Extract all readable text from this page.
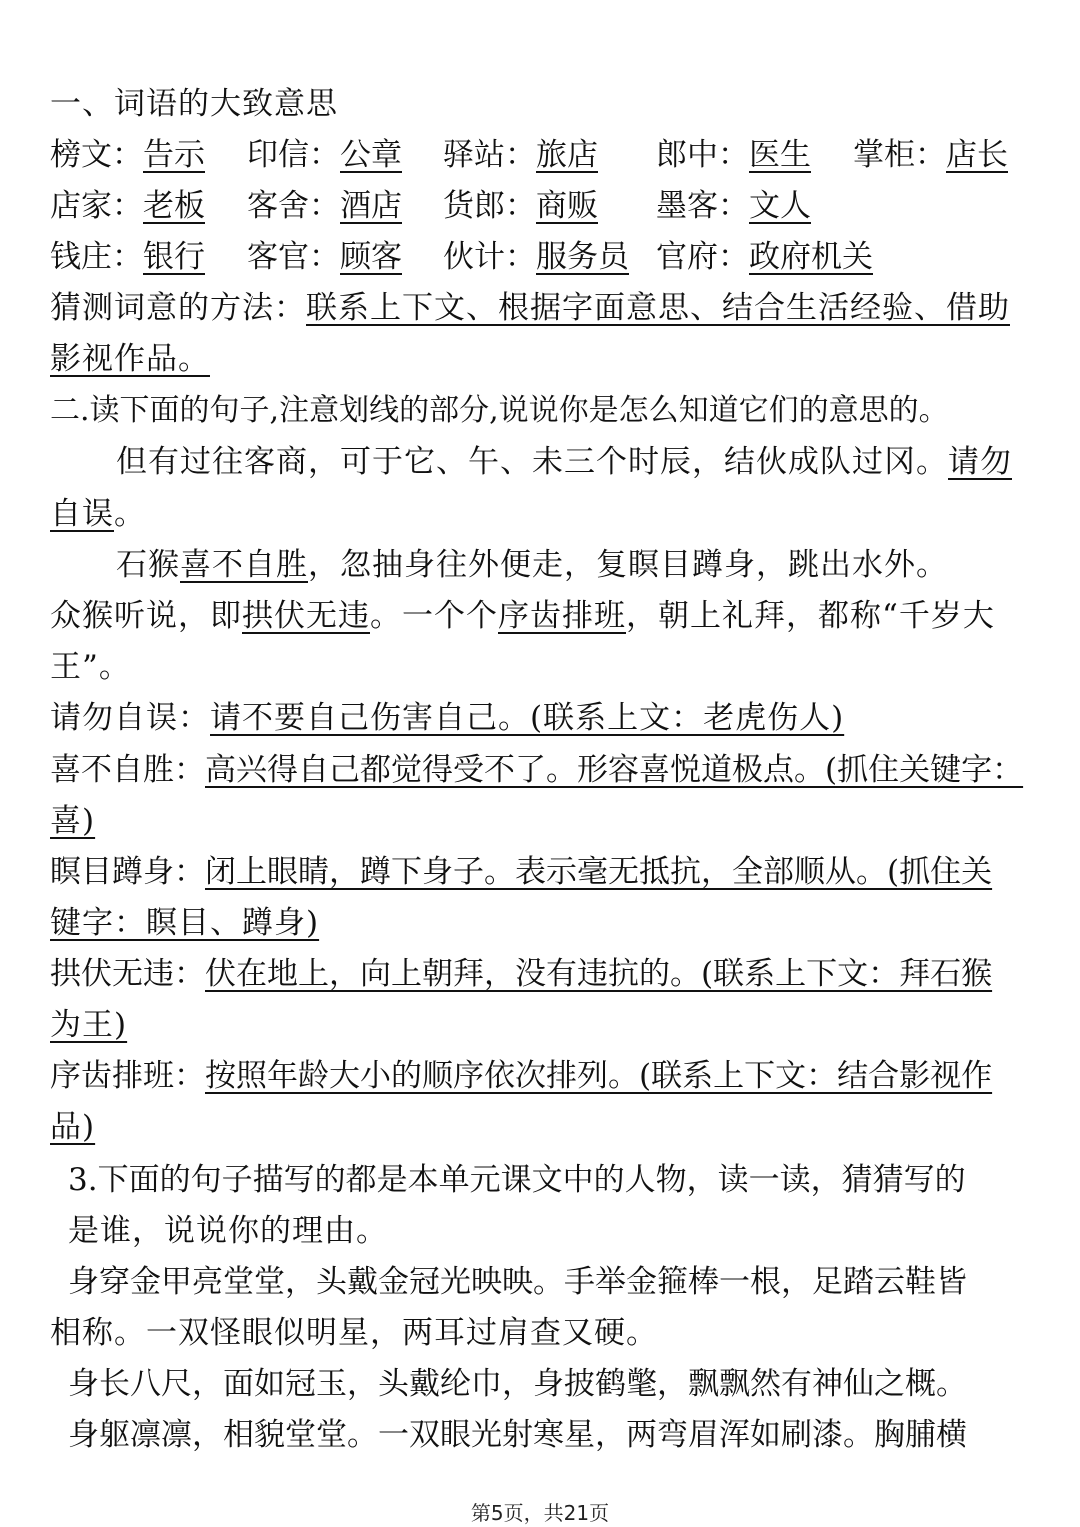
一、词语的大致意思
榜文：告示 印信：公章 驿站：旅店 郎中：医生 掌柜：店长
店家：老板 客舍：酒店 货郎：商贩 墨客：文人
钱庄：银行 客官：顾客 伙计：服务员 官府：政府机关
猜测词意的方法：联系上下文、根据字面意思、结合生活经验、借助
影视作品。
二.读下面的句子,注意划线的部分,说说你是怎么知道它们的意思的。
但有过往客商，可于它、午、未三个时辰，结伙成队过冈。请勿
自误。
石猴喜不自胜，忽抽身往外便走，复瞑目蹲身，跳出水外。
众猴听说，即拱伏无违。一个个序齿排班，朝上礼拜，都称“千岁大
王”。
请勿自误：请不要自己伤害自己。(联系上文：老虎伤人)
喜不自胜：高兴得自己都觉得受不了。形容喜悦道极点。(抓住关键字：
喜)
瞑目蹲身：闭上眼睛，蹲下身子。表示毫无抵抗，全部顺从。(抓住关
键字：瞑目、蹲身)
拱伏无违：伏在地上，向上朝拜，没有违抗的。(联系上下文：拜石猴
为王)
序齿排班：按照年龄大小的顺序依次排列。(联系上下文：结合影视作
品)
3.下面的句子描写的都是本单元课文中的人物，读一读，猜猜写的
是谁，说说你的理由。
身穿金甲亮堂堂，头戴金冠光映映。手举金箍棒一根，足踏云鞋皆
相称。一双怪眼似明星，两耳过肩查又硬。
身长八尺，面如冠玉，头戴纶巾，身披鹤氅，飘飘然有神仙之概。
身躯凛凛，相貌堂堂。一双眼光射寒星，两弯眉浑如刷漆。胸脯横
第5页，共21页
